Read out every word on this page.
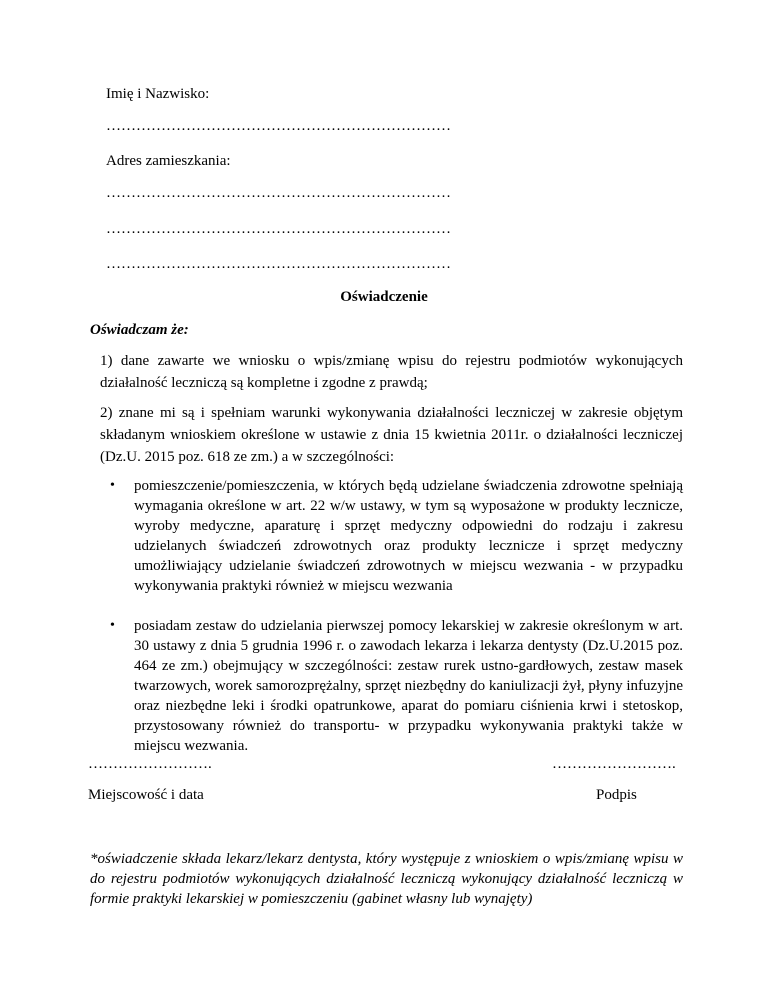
Imię i Nazwisko:
……………………………………………………………
Adres zamieszkania:
……………………………………………………………
……………………………………………………………
……………………………………………………………
Oświadczenie
Oświadczam że:
1) dane zawarte we wniosku o wpis/zmianę wpisu do rejestru podmiotów wykonujących działalność leczniczą są kompletne i zgodne z prawdą;
2) znane mi są i spełniam warunki wykonywania działalności leczniczej w zakresie objętym składanym wnioskiem określone w ustawie z dnia 15 kwietnia 2011r. o działalności leczniczej (Dz.U. 2015 poz. 618 ze zm.) a w szczególności:
•	pomieszczenie/pomieszczenia, w których będą udzielane świadczenia zdrowotne spełniają wymagania określone w art. 22 w/w ustawy, w tym są wyposażone w produkty lecznicze, wyroby medyczne, aparaturę i sprzęt medyczny odpowiedni do rodzaju i zakresu udzielanych świadczeń zdrowotnych oraz produkty lecznicze i sprzęt medyczny umożliwiający udzielanie świadczeń zdrowotnych w miejscu wezwania - w przypadku wykonywania praktyki również w miejscu wezwania
•	posiadam zestaw do udzielania pierwszej pomocy lekarskiej w zakresie określonym w art. 30 ustawy z dnia 5 grudnia 1996 r. o zawodach lekarza i lekarza dentysty (Dz.U.2015 poz. 464 ze zm.) obejmujący w szczególności: zestaw rurek ustno-gardłowych, zestaw masek twarzowych, worek samorozprężalny, sprzęt niezbędny do kaniulizacji żył, płyny infuzyjne oraz niezbędne leki i środki opatrunkowe, aparat do pomiaru ciśnienia krwi i stetoskop, przystosowany również do transportu- w przypadku wykonywania praktyki także w miejscu wezwania.
…………………….	…………………….
Miejscowość i data	Podpis
*oświadczenie składa lekarz/lekarz dentysta, który występuje z wnioskiem o wpis/zmianę wpisu w do rejestru podmiotów wykonujących działalność leczniczą wykonujący działalność leczniczą w formie praktyki lekarskiej w pomieszczeniu (gabinet własny lub wynajęty)
